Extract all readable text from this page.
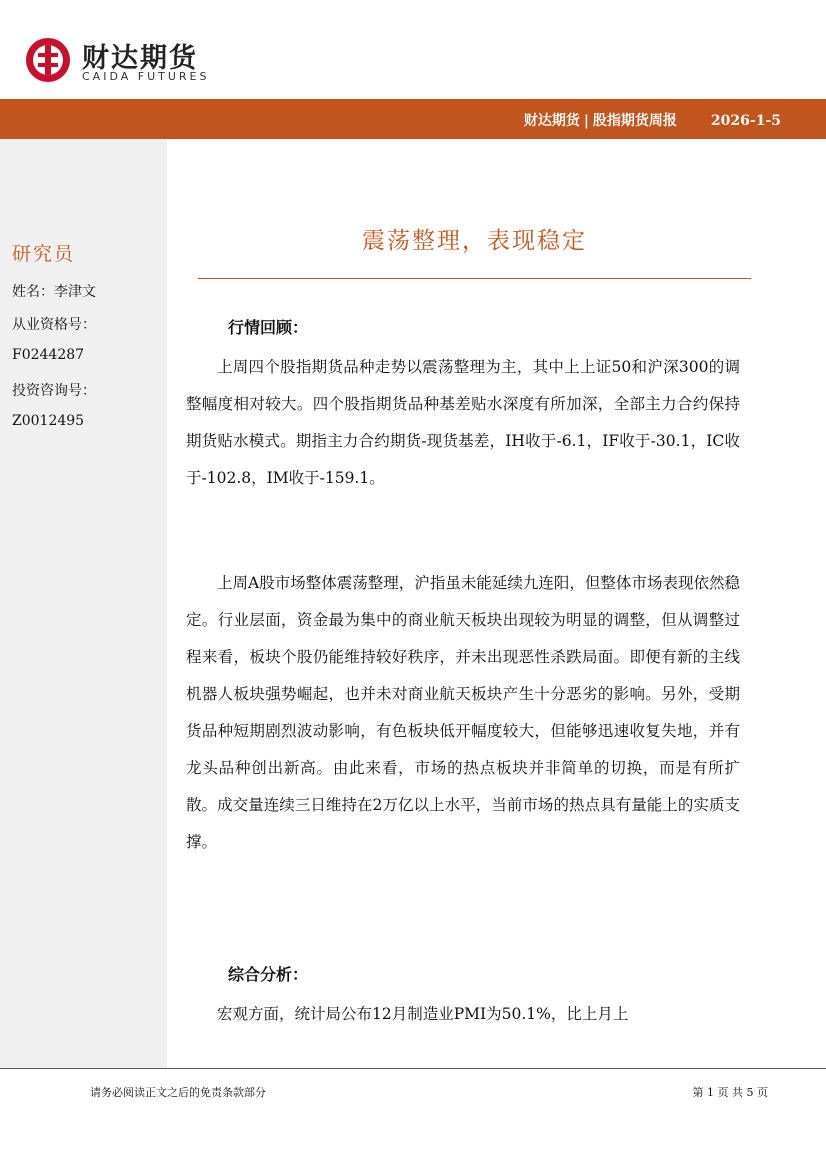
财达期货
CAIDA FUTURES
财达期货 | 股指期货周报 2026-1-5
研究员
姓名：李津文
从业资格号：
F0244287
投资咨询号：
Z0012495
震荡整理，表现稳定
行情回顾：

上周四个股指期货品种走势以震荡整理为主，其中上上证50和沪深300的调整幅度相对较大。四个股指期货品种基差贴水深度有所加深，全部主力合约保持期货贴水模式。期指主力合约期货-现货基差，IH收于-6.1，IF收于-30.1，IC收于-102.8，IM收于-159.1。

上周A股市场整体震荡整理，沪指虽未能延续九连阳，但整体市场表现依然稳定。行业层面，资金最为集中的商业航天板块出现较为明显的调整，但从调整过程来看，板块个股仍能维持较好秩序，并未出现恶性杀跌局面。即便有新的主线机器人板块强势崛起，也并未对商业航天板块产生十分恶劣的影响。另外，受期货品种短期剧烈波动影响，有色板块低开幅度较大，但能够迅速收复失地，并有龙头品种创出新高。由此来看，市场的热点板块并非简单的切换，而是有所扩散。成交量连续三日维持在2万亿以上水平，当前市场的热点具有量能上的实质支撑。

综合分析：

宏观方面，统计局公布12月制造业PMI为50.1%，比上月上

请务必阅读正文之后的免责条款部分	第 1 页 共 5 页
